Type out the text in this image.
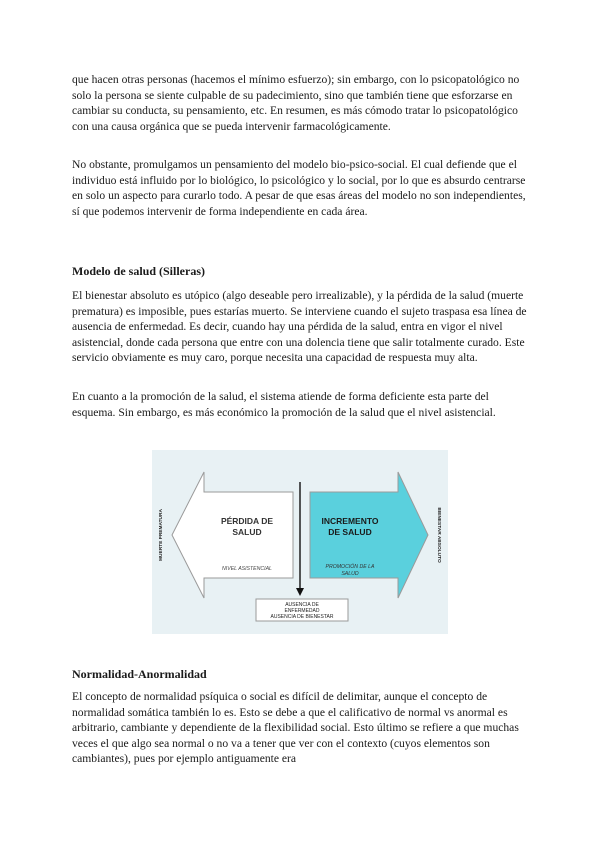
que hacen otras personas (hacemos el mínimo esfuerzo); sin embargo, con lo psicopatológico no solo la persona se siente culpable de su padecimiento, sino que también tiene que esforzarse en cambiar su conducta, su pensamiento, etc. En resumen, es más cómodo tratar lo psicopatológico con una causa orgánica que se pueda intervenir farmacológicamente.

No obstante, promulgamos un pensamiento del modelo bio-psico-social. El cual defiende que el individuo está influido por lo biológico, lo psicológico y lo social, por lo que es absurdo centrarse en solo un aspecto para curarlo todo. A pesar de que esas áreas del modelo no son independientes, sí que podemos intervenir de forma independiente en cada área.

Modelo de salud (Silleras)

El bienestar absoluto es utópico (algo deseable pero irrealizable), y la pérdida de la salud (muerte prematura) es imposible, pues estarías muerto. Se interviene cuando el sujeto traspasa esa línea de ausencia de enfermedad. Es decir, cuando hay una pérdida de la salud, entra en vigor el nivel asistencial, donde cada persona que entre con una dolencia tiene que salir totalmente curado. Este servicio obviamente es muy caro, porque necesita una capacidad de respuesta muy alta.

En cuanto a la promoción de la salud, el sistema atiende de forma deficiente esta parte del esquema. Sin embargo, es más económico la promoción de la salud que el nivel asistencial.

MUERTE PREMATURA	BIENESTAR ABSOLUTO
PÉRDIDA DE
SALUD
NIVEL ASISTENCIAL
INCREMENTO
DE SALUD
PROMOCIÓN DE LA
SALUD
AUSENCIA DE
ENFERMEDAD
AUSENCIA DE BIENESTAR

Normalidad-Anormalidad

El concepto de normalidad psíquica o social es difícil de delimitar, aunque el concepto de normalidad somática también lo es. Esto se debe a que el calificativo de normal vs anormal es arbitrario, cambiante y dependiente de la flexibilidad social. Esto último se refiere a que muchas veces el que algo sea normal o no va a tener que ver con el contexto (cuyos elementos son cambiantes), pues por ejemplo antiguamente era
